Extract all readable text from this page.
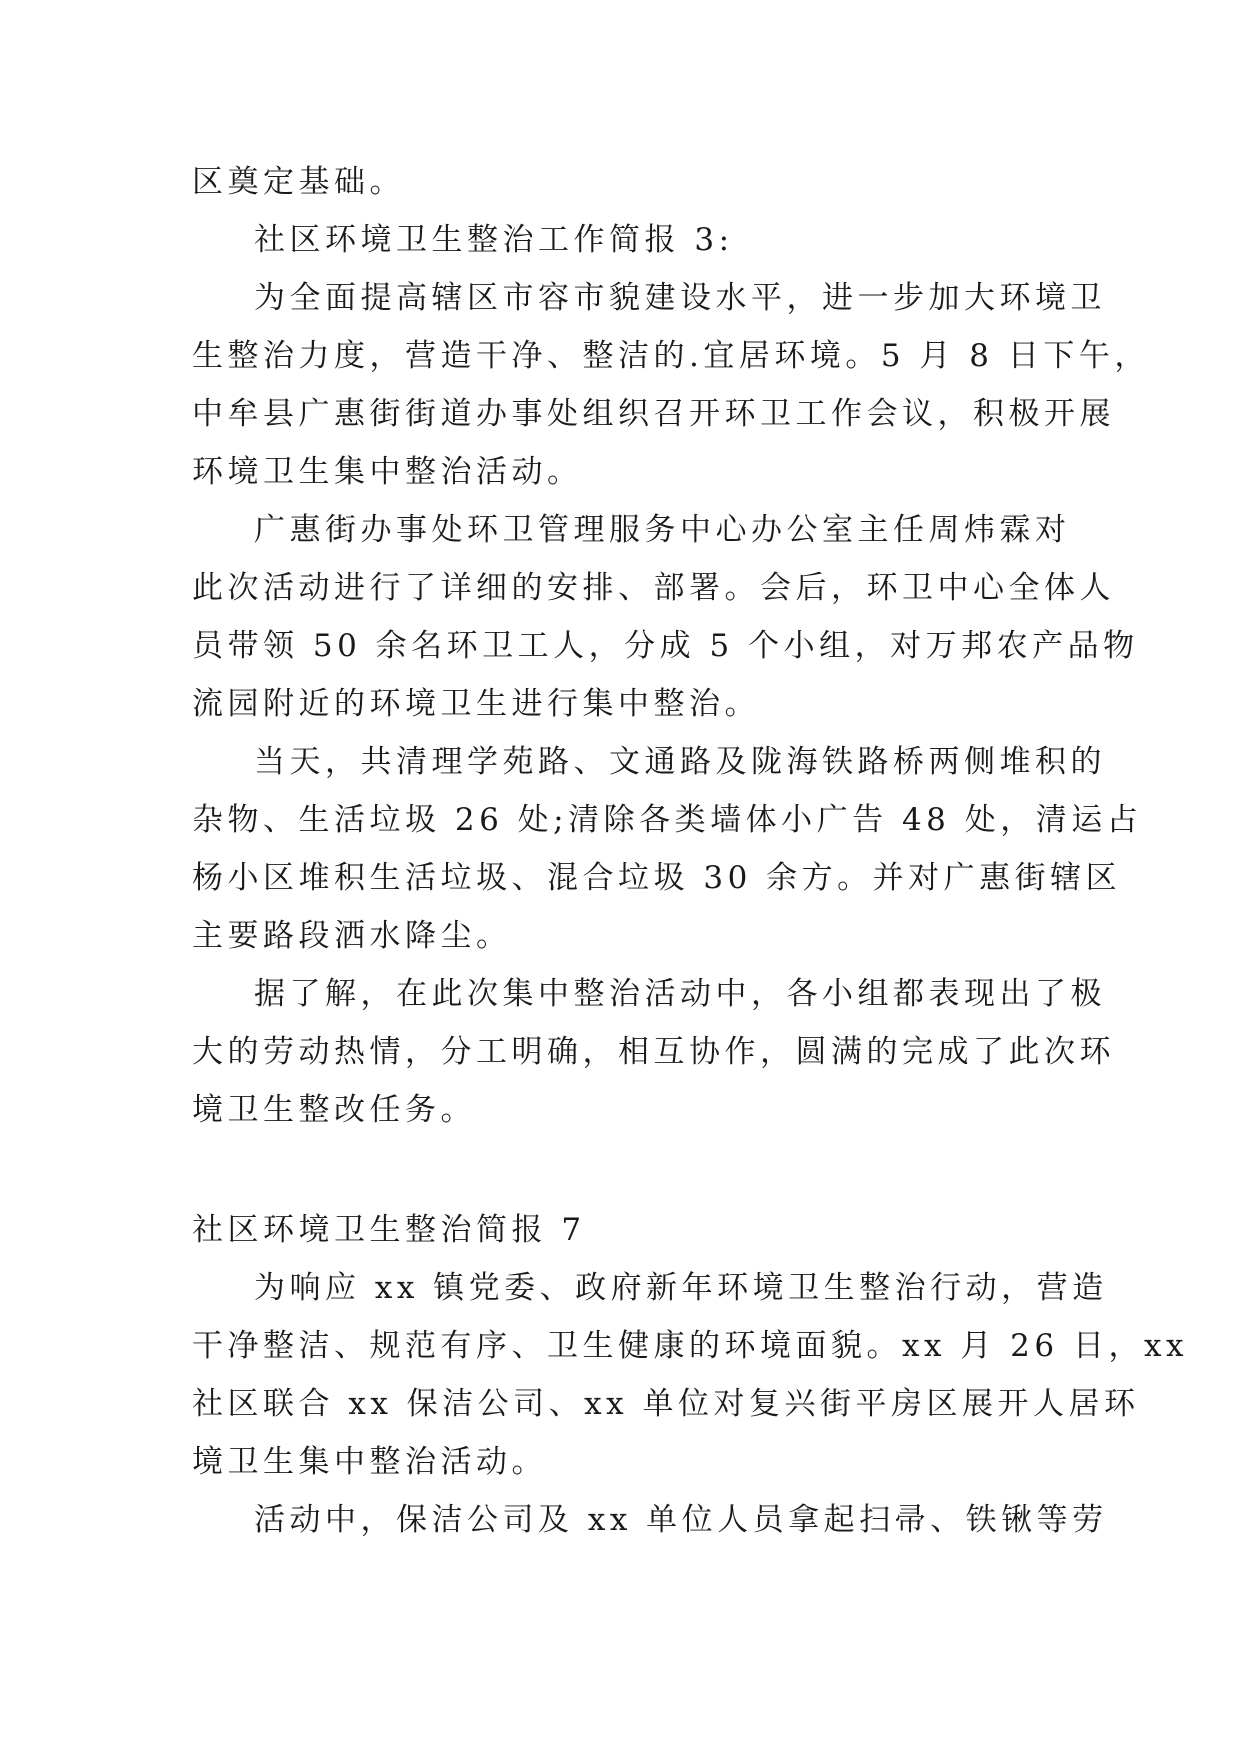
区奠定基础。
社区环境卫生整治工作简报 3:
为全面提高辖区市容市貌建设水平，进一步加大环境卫
生整治力度，营造干净、整洁的.宜居环境。5 月 8 日下午，
中牟县广惠街街道办事处组织召开环卫工作会议，积极开展
环境卫生集中整治活动。
广惠街办事处环卫管理服务中心办公室主任周炜霖对
此次活动进行了详细的安排、部署。会后，环卫中心全体人
员带领 50 余名环卫工人，分成 5 个小组，对万邦农产品物
流园附近的环境卫生进行集中整治。
当天，共清理学苑路、文通路及陇海铁路桥两侧堆积的
杂物、生活垃圾 26 处;清除各类墙体小广告 48 处，清运占
杨小区堆积生活垃圾、混合垃圾 30 余方。并对广惠街辖区
主要路段洒水降尘。
据了解，在此次集中整治活动中，各小组都表现出了极
大的劳动热情，分工明确，相互协作，圆满的完成了此次环
境卫生整改任务。
社区环境卫生整治简报 7
为响应 xx 镇党委、政府新年环境卫生整治行动，营造
干净整洁、规范有序、卫生健康的环境面貌。xx 月 26 日，xx
社区联合 xx 保洁公司、xx 单位对复兴街平房区展开人居环
境卫生集中整治活动。
活动中，保洁公司及 xx 单位人员拿起扫帚、铁锹等劳
